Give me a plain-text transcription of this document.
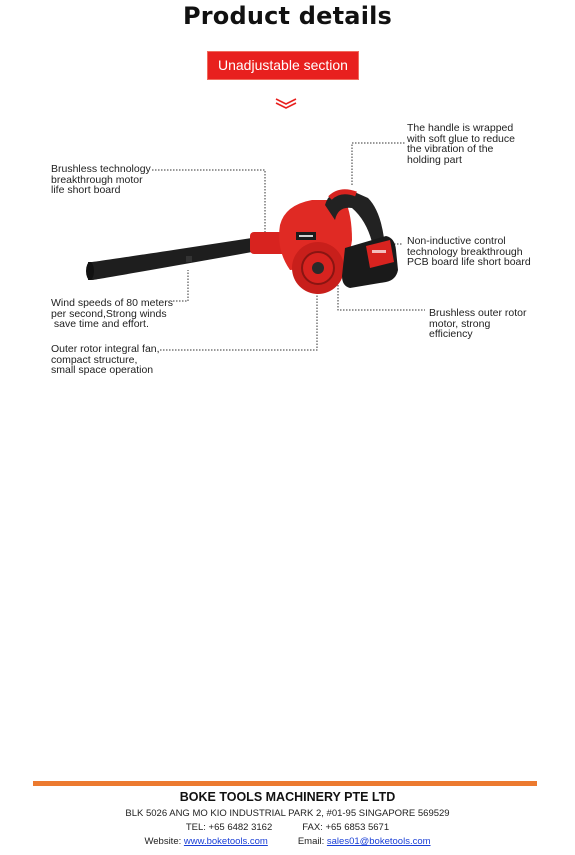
Product details
Unadjustable section
The handle is wrapped
with soft glue to reduce
the vibration of the
holding part
Brushless technology
breakthrough motor
life short board
Non-inductive control
technology breakthrough
PCB board life short board
Wind speeds of 80 meters
per second,Strong winds
save time and effort.
Brushless outer rotor
motor, strong
efficiency
Outer rotor integral fan,
compact structure,
small space operation
BOKE TOOLS MACHINERY PTE LTD
BLK 5026 ANG MO KIO INDUSTRIAL PARK 2, #01-95 SINGAPORE 569529
TEL: +65 6482 3162	FAX: +65 6853 5671
Website: www.boketools.com	Email: sales01@boketools.com
